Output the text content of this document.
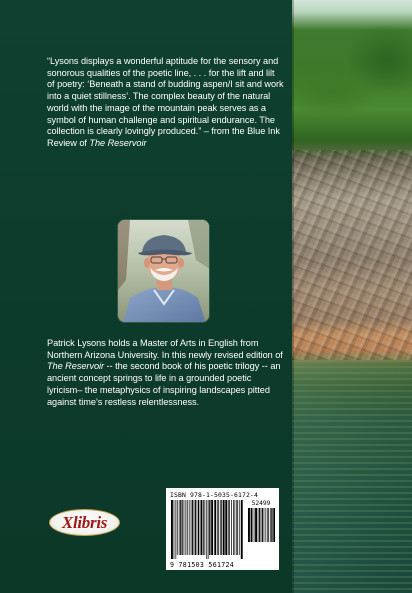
“Lysons displays a wonderful aptitude for the sensory and sonorous qualities of the poetic line, . . . for the lift and lilt of poetry: ‘Beneath a stand of budding aspen/I sit and work into a quiet stillness’. The complex beauty of the natural world with the image of the mountain peak serves as a symbol of human challenge and spiritual endurance. The collection is clearly lovingly produced.” – from the Blue Ink Review of The Reservoir

Patrick Lysons holds a Master of Arts in English from Northern Arizona University. In this newly revised edition of The Reservoir -- the second book of his poetic trilogy -- an ancient concept springs to life in a grounded poetic lyricism– the metaphysics of inspiring landscapes pitted against time’s restless relentlessness.

Xlibris
ISBN 978-1-5035-6172-4
52499
9 781503 561724
